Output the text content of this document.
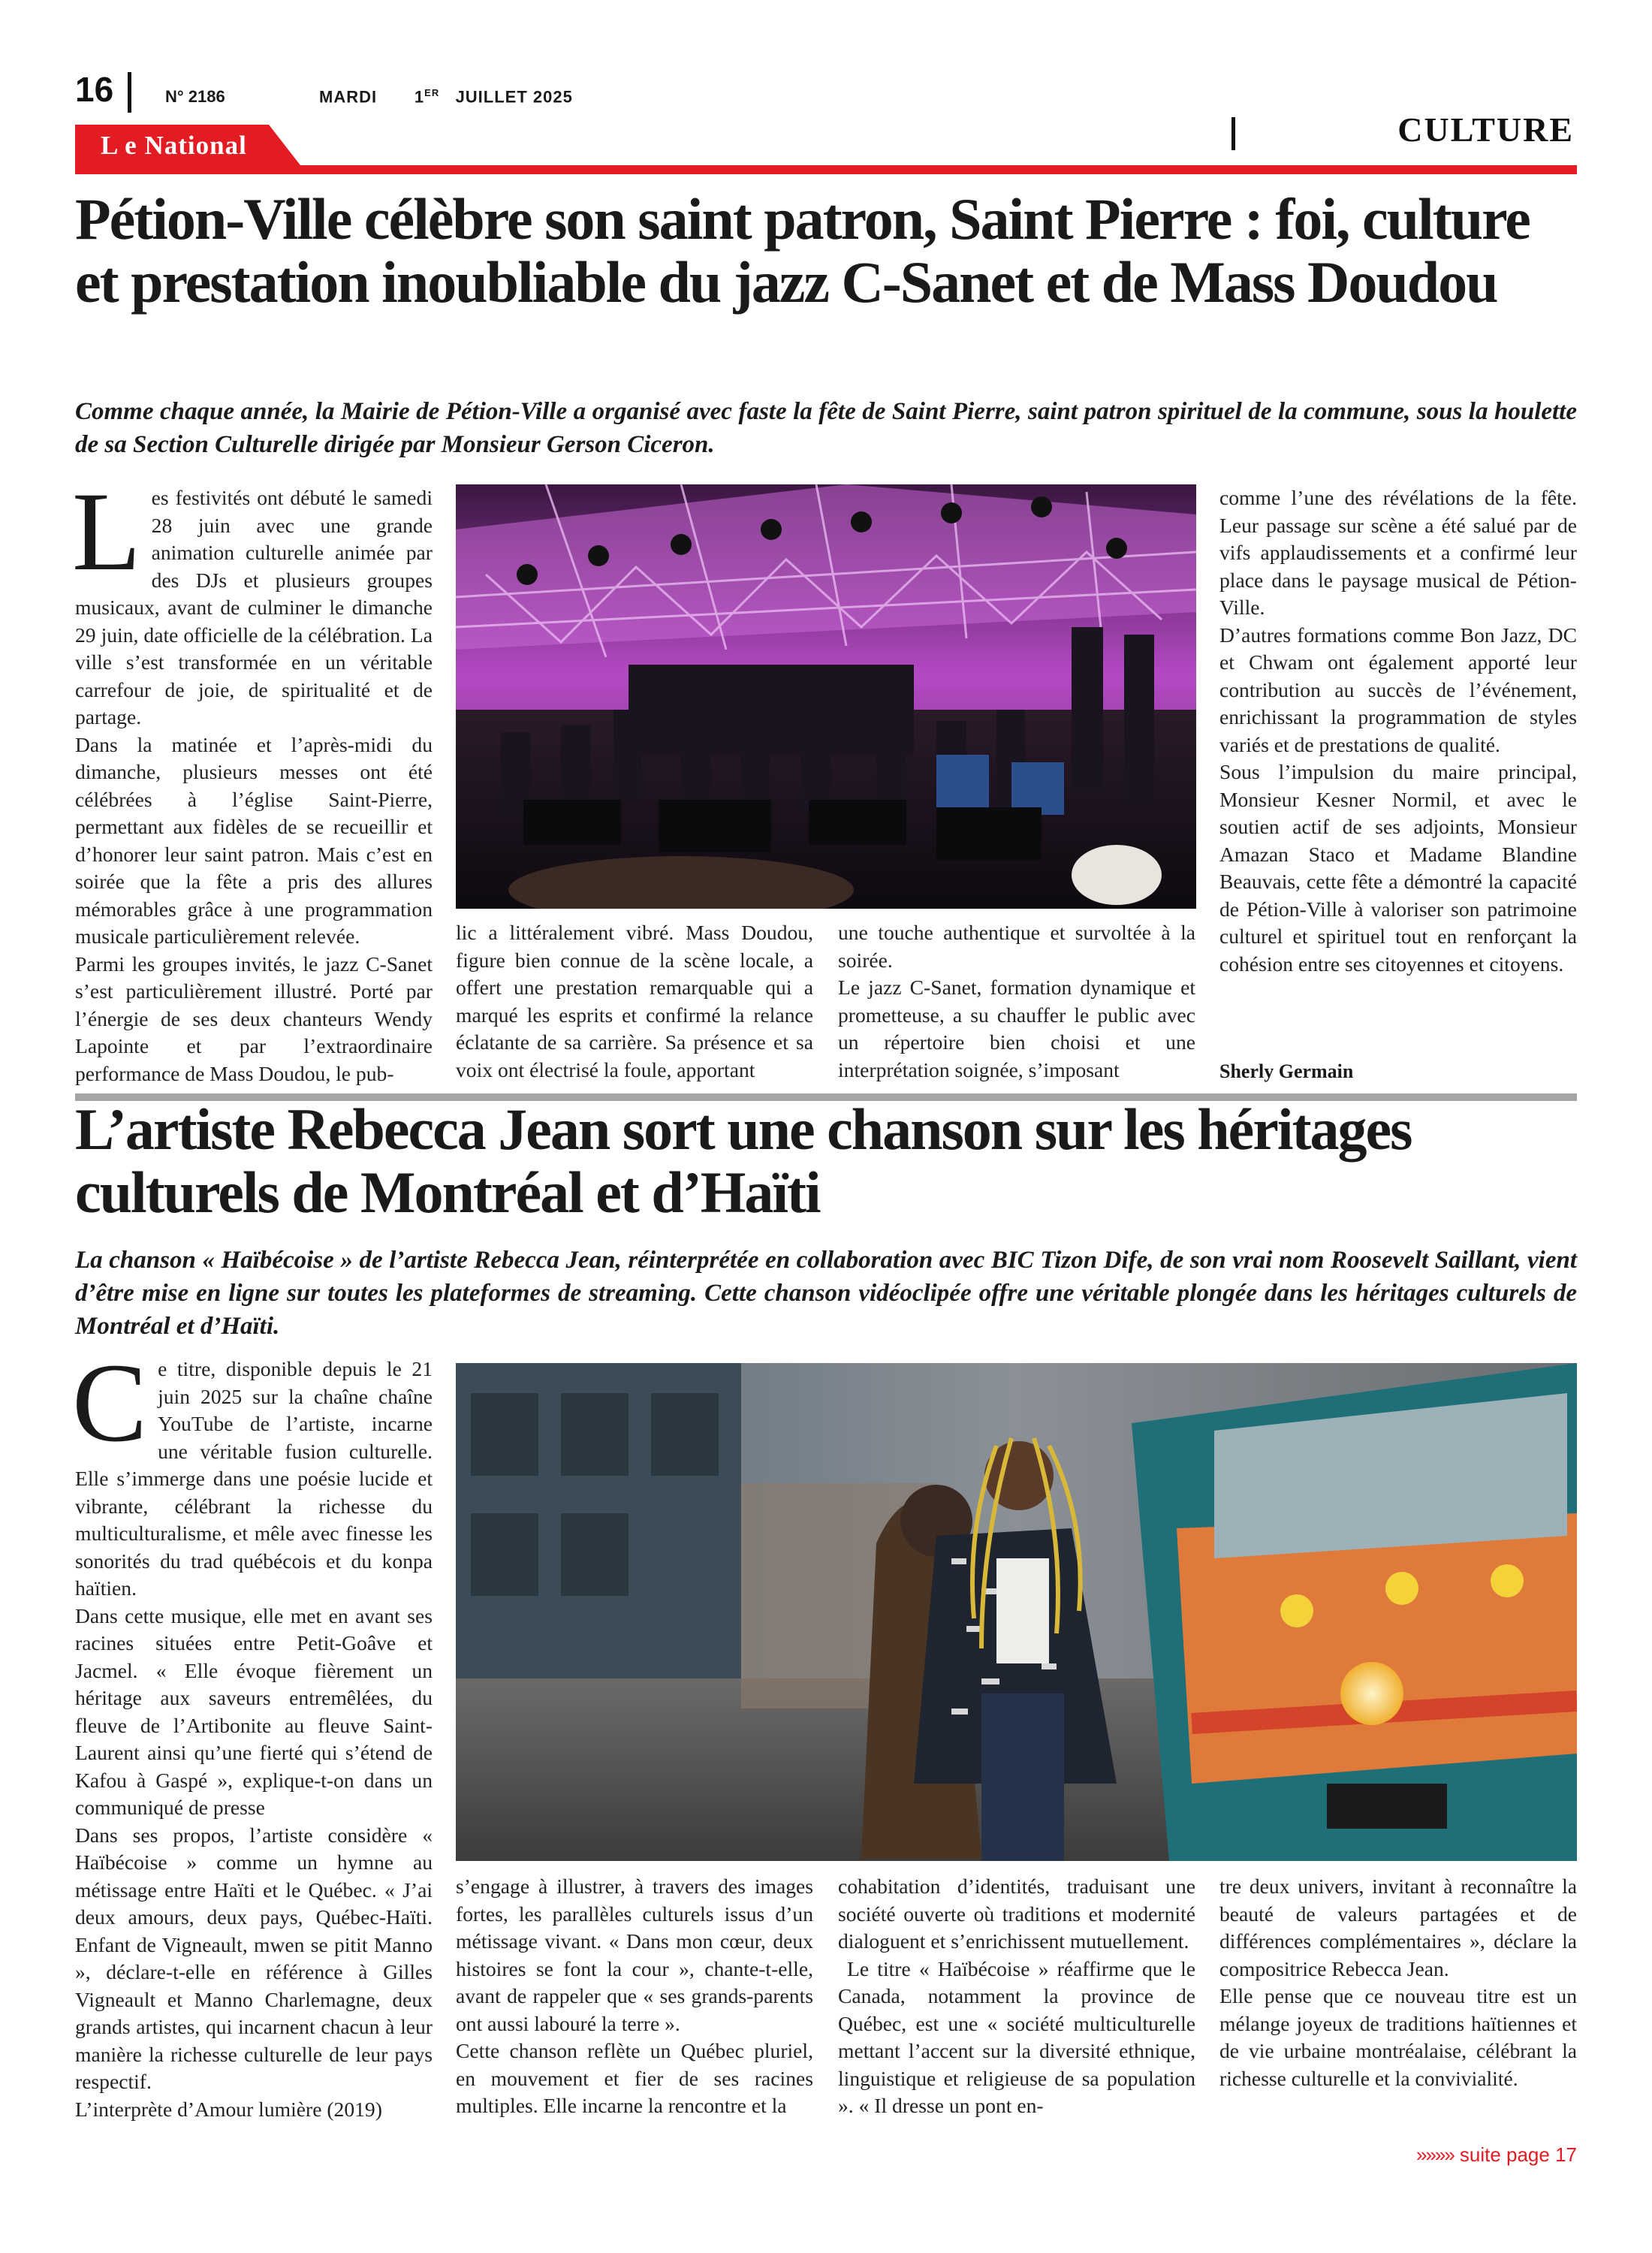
16	N° 2186	MARDI 1ER JUILLET 2025
CULTURE
L e National
Pétion-Ville célèbre son saint patron, Saint Pierre : foi, culture et prestation inoubliable du jazz C-Sanet et de Mass Doudou

Comme chaque année, la Mairie de Pétion-Ville a organisé avec faste la fête de Saint Pierre, saint patron spirituel de la commune, sous la houlette de sa Section Culturelle dirigée par Monsieur Gerson Ciceron.

L es festivités ont débuté le samedi 28 juin avec une grande animation culturelle animée par des DJs et plusieurs groupes musicaux, avant de culminer le dimanche 29 juin, date officielle de la célébration. La ville s’est transformée en un véritable carrefour de joie, de spiritualité et de partage.

Dans la matinée et l’après-midi du dimanche, plusieurs messes ont été célébrées à l’église Saint-Pierre, permettant aux fidèles de se recueillir et d’honorer leur saint patron. Mais c’est en soirée que la fête a pris des allures mémorables grâce à une programmation musicale particulièrement relevée.

Parmi les groupes invités, le jazz C-Sanet s’est particulièrement illustré. Porté par l’énergie de ses deux chanteurs Wendy Lapointe et par l’extraordinaire performance de Mass Doudou, le pub-

lic a littéralement vibré. Mass Doudou, figure bien connue de la scène locale, a offert une prestation remarquable qui a marqué les esprits et confirmé la relance éclatante de sa carrière. Sa présence et sa voix ont électrisé la foule, apportant

une touche authentique et survoltée à la soirée.

Le jazz C-Sanet, formation dynamique et prometteuse, a su chauffer le public avec un répertoire bien choisi et une interprétation soignée, s’imposant

comme l’une des révélations de la fête. Leur passage sur scène a été salué par de vifs applaudissements et a confirmé leur place dans le paysage musical de Pétion-Ville.

D’autres formations comme Bon Jazz, DC et Chwam ont également apporté leur contribution au succès de l’événement, enrichissant la programmation de styles variés et de prestations de qualité.

Sous l’impulsion du maire principal, Monsieur Kesner Normil, et avec le soutien actif de ses adjoints, Monsieur Amazan Staco et Madame Blandine Beauvais, cette fête a démontré la capacité de Pétion-Ville à valoriser son patrimoine culturel et spirituel tout en renforçant la cohésion entre ses citoyennes et citoyens.

Sherly Germain
L’artiste Rebecca Jean sort une chanson sur les héritages culturels de Montréal et d’Haïti

La chanson « Haïbécoise » de l’artiste Rebecca Jean, réinterprétée en collaboration avec BIC Tizon Dife, de son vrai nom Roosevelt Saillant, vient d’être mise en ligne sur toutes les plateformes de streaming. Cette chanson vidéoclipée offre une véritable plongée dans les héritages culturels de Montréal et d’Haïti.

C e titre, disponible depuis le 21 juin 2025 sur la chaîne chaîne YouTube de l’artiste, incarne une véritable fusion culturelle. Elle s’immerge dans une poésie lucide et vibrante, célébrant la richesse du multiculturalisme, et mêle avec finesse les sonorités du trad québécois et du konpa haïtien.

Dans cette musique, elle met en avant ses racines situées entre Petit-Goâve et Jacmel. « Elle évoque fièrement un héritage aux saveurs entremêlées, du fleuve de l’Artibonite au fleuve Saint-Laurent ainsi qu’une fierté qui s’étend de Kafou à Gaspé », explique-t-on dans un communiqué de presse

Dans ses propos, l’artiste considère « Haïbécoise » comme un hymne au métissage entre Haïti et le Québec. « J’ai deux amours, deux pays, Québec-Haïti. Enfant de Vigneault, mwen se pitit Manno », déclare-t-elle en référence à Gilles Vigneault et Manno Charlemagne, deux grands artistes, qui incarnent chacun à leur manière la richesse culturelle de leur pays respectif.

L’interprète d’Amour lumière (2019)

s’engage à illustrer, à travers des images fortes, les parallèles culturels issus d’un métissage vivant. « Dans mon cœur, deux histoires se font la cour », chante-t-elle, avant de rappeler que « ses grands-parents ont aussi labouré la terre ».

Cette chanson reflète un Québec pluriel, en mouvement et fier de ses racines multiples. Elle incarne la rencontre et la

cohabitation d’identités, traduisant une société ouverte où traditions et modernité dialoguent et s’enrichissent mutuellement.

Le titre « Haïbécoise » réaffirme que le Canada, notamment la province de Québec, est une « société multiculturelle mettant l’accent sur la diversité ethnique, linguistique et religieuse de sa population ». « Il dresse un pont en-

tre deux univers, invitant à reconnaître la beauté de valeurs partagées et de différences complémentaires », déclare la compositrice Rebecca Jean.

Elle pense que ce nouveau titre est un mélange joyeux de traditions haïtiennes et de vie urbaine montréalaise, célébrant la richesse culturelle et la convivialité.

»»»» suite page 17
